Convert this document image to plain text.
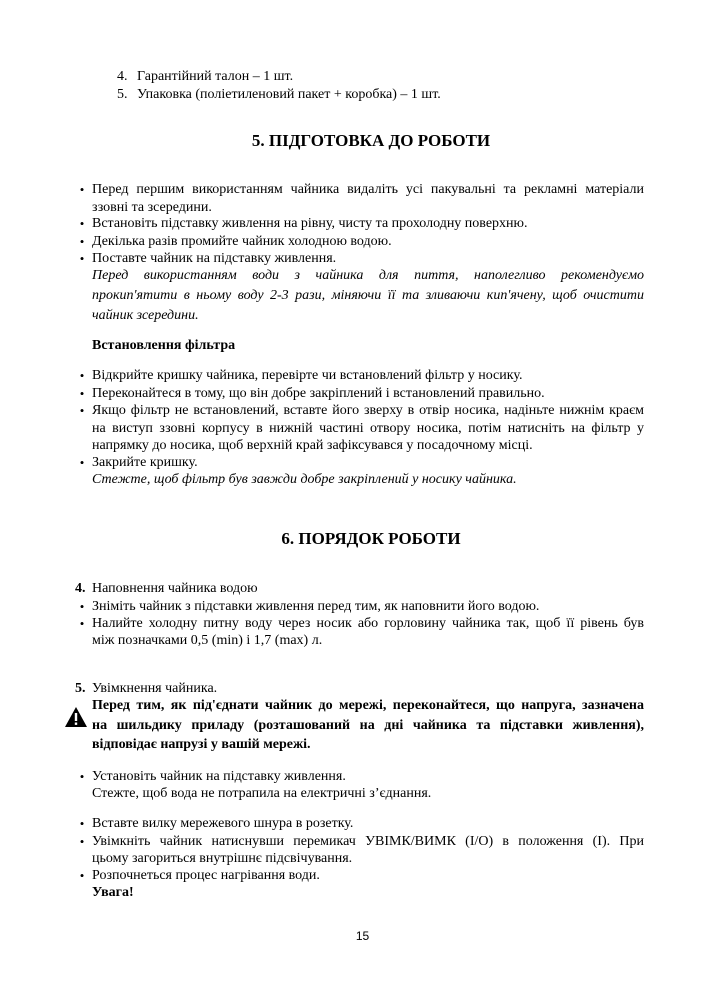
4. Гарантійний талон – 1 шт.
5. Упаковка (поліетиленовий пакет + коробка) – 1 шт.
5. ПІДГОТОВКА ДО РОБОТИ
• Перед першим використанням чайника видаліть усі пакувальні та рекламні матеріали
ззовні та зсередини.
• Встановіть підставку живлення на рівну, чисту та прохолодну поверхню.
• Декілька разів промийте чайник холодною водою.
• Поставте чайник на підставку живлення.
Перед використанням води з чайника для пиття, наполегливо рекомендуємо
прокип'ятити в ньому воду 2-3 рази, міняючи її та зливаючи кип'ячену, щоб очистити
чайник зсередини.
Встановлення фільтра
• Відкрийте кришку чайника, перевірте чи встановлений фільтр у носику.
• Переконайтеся в тому, що він добре закріплений і встановлений правильно.
• Якщо фільтр не встановлений, вставте його зверху в отвір носика, надіньте нижнім краєм
на виступ ззовні корпусу в нижній частині отвору носика, потім натисніть на фільтр у
напрямку до носика, щоб верхній край зафіксувався у посадочному місці.
• Закрийте кришку.
Стежте, щоб фільтр був завжди добре закріплений у носику чайника.
6. ПОРЯДОК РОБОТИ
4. Наповнення чайника водою
• Зніміть чайник з підставки живлення перед тим, як наповнити його водою.
• Налийте холодну питну воду через носик або горловину чайника так, щоб її рівень був
між позначками 0,5 (min) і 1,7 (max) л.
5. Увімкнення чайника.
Перед тим, як під'єднати чайник до мережі, переконайтеся, що напруга, зазначена
на шильдику приладу (розташований на дні чайника та підставки живлення),
відповідає напрузі у вашій мережі.
• Установіть чайник на підставку живлення.
Стежте, щоб вода не потрапила на електричні з’єднання.
• Вставте вилку мережевого шнура в розетку.
• Увімкніть чайник натиснувши перемикач УВІМК/ВИМК (I/O) в положення (I). При
цьому загориться внутрішнє підсвічування.
• Розпочнеться процес нагрівання води.
Увага!
15
